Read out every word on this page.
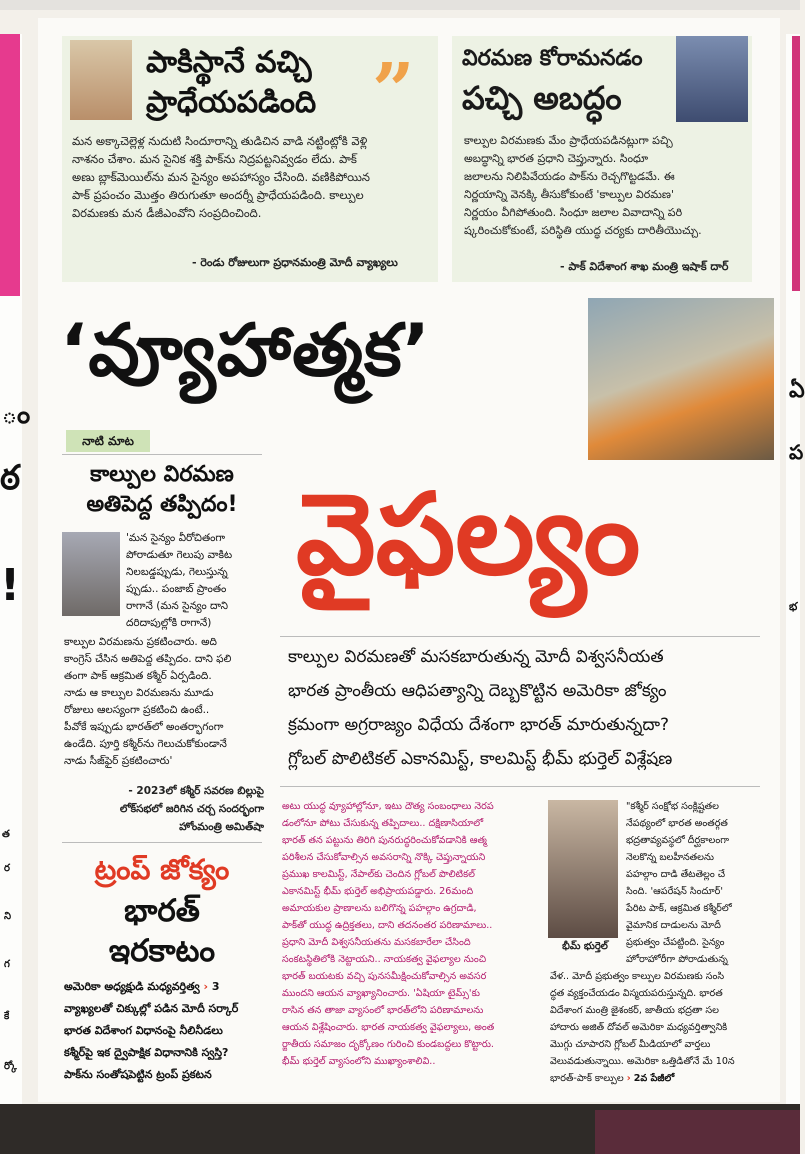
ం
ఠ
!
త
ర
ని
గ
కే
ర్కో
ఏ
ప
భ
పాకిస్థానే వచ్చి
ప్రాధేయపడింది ”
మన అక్కాచెల్లెళ్ల నుదుటి సిందూరాన్ని తుడిచిన వాడి నట్టింట్లోకి వెళ్లి
నాశనం చేశాం. మన సైనిక శక్తి పాక్‌ను నిద్రపట్టనివ్వడం లేదు. పాక్
అణు బ్లాక్‌మెయిల్‌ను మన సైన్యం అపహాస్యం చేసింది. వణికిపోయిన
పాక్ ప్రపంచం మొత్తం తిరుగుతూ అందర్నీ ప్రాధేయపడింది. కాల్పుల
విరమణకు మన డీజీఎంవోని సంప్రదించింది.
- రెండు రోజులుగా ప్రధానమంత్రి మోదీ వ్యాఖ్యలు
విరమణ కోరామనడం
పచ్చి అబద్ధం
కాల్పుల విరమణకు మేం ప్రాధేయపడినట్లుగా పచ్చి
అబద్ధాన్ని భారత ప్రధాని చెప్తున్నారు. సింధూ
జలాలను నిలిపివేయడం పాక్‌ను రెచ్చగొట్టడమే. ఈ
నిర్ణయాన్ని వెనక్కి తీసుకోకుంటే 'కాల్పుల విరమణ'
నిర్ణయం వీగిపోతుంది. సింధూ జలాల వివాదాన్ని పరి
ష్కరించుకోకుంటే, పరిస్థితి యుద్ధ చర్యకు దారితీయొచ్చు.
- పాక్ విదేశాంగ శాఖ మంత్రి ఇషాక్ దార్
‘వ్యూహాత్మక’
వైఫల్యం
నాటి మాట
కాల్పుల విరమణ
అతిపెద్ద తప్పిదం!
'మన సైన్యం వీరోచితంగా
పోరాడుతూ గెలుపు వాకిట
నిలబడ్డప్పుడు, గెలుస్తున్న
ప్పుడు.. పంజాబ్ ప్రాంతం
రాగానే (మన సైన్యం దాని
దరిదాపుల్లోకి రాగానే)
కాల్పుల విరమణను ప్రకటించారు. అది
కాంగ్రెస్ చేసిన అతిపెద్ద తప్పిదం. దాని ఫలి
తంగా పాక్ ఆక్రమిత కశ్మీర్ ఏర్పడింది.
నాడు ఆ కాల్పుల విరమణను మూడు
రోజులు ఆలస్యంగా ప్రకటించి ఉంటే..
పీవోకే ఇప్పుడు భారత్‌లో అంతర్భాగంగా
ఉండేది. పూర్తి కశ్మీర్‌ను గెలుచుకోకుండానే
నాడు సీజ్‌ఫైర్ ప్రకటించారు'
- 2023లో కశ్మీర్ సవరణ బిల్లుపై
లోక్‌సభలో జరిగిన చర్చ సందర్భంగా
హోంమంత్రి అమిత్‌షా
ట్రంప్ జోక్యం
భారత్
ఇరకాటం
అమెరికా అధ్యక్షుడి మధ్యవర్తిత్వ › 3
వ్యాఖ్యలతో చిక్కుల్లో పడిన మోదీ సర్కార్
భారత విదేశాంగ విధానంపై నీలినీడలు
కశ్మీర్‌పై ఇక ద్వైపాక్షిక విధానానికి స్వస్తి?
పాక్‌ను సంతోషపెట్టిన ట్రంప్ ప్రకటన
కాల్పుల విరమణతో మసకబారుతున్న మోదీ విశ్వసనీయత
భారత ప్రాంతీయ ఆధిపత్యాన్ని దెబ్బకొట్టిన అమెరికా జోక్యం
క్రమంగా అగ్రరాజ్యం విధేయ దేశంగా భారత్ మారుతున్నదా?
గ్లోబల్ పొలిటికల్ ఎకానమిస్ట్, కాలమిస్ట్ భీమ్ భుర్తెల్ విశ్లేషణ
అటు యుద్ధ వ్యూహాల్లోనూ, ఇటు దౌత్య సంబంధాలు నెరప
డంలోనూ పోటు చేసుకున్న తప్పిదాలు.. దక్షిణాసియాలో
భారత్ తన పట్టును తిరిగి పునరుద్ధరించుకోవడానికి ఆత్మ
పరిశీలన చేసుకోవాల్సిన అవసరాన్ని నొక్కి చెప్తున్నాయని
ప్రముఖ కాలమిస్ట్, నేపాల్‌కు చెందిన గ్లోబల్ పొలిటికల్
ఎకానమిస్ట్ భీమ్ భుర్తెల్ అభిప్రాయపడ్డారు. 26మంది
అమాయకుల ప్రాణాలను బలిగొన్న పహల్గాం ఉగ్రదాడి,
పాక్‌తో యుద్ధ ఉద్రిక్తతలు, దాని తదనంతర పరిణామాలు..
ప్రధాని మోదీ విశ్వసనీయతను మసకబారేలా చేసింది
సంకటస్థితిలోకి నెట్టాయని.. నాయకత్వ వైఫల్యాల నుంచి
భారత్ బయటకు వచ్చి పునసమీక్షించుకోవాల్సిన అవసర
ముందని ఆయన వ్యాఖ్యానించారు. 'ఏషియా టైమ్స్'కు
రాసిన తన తాజా వ్యాసంలో భారత్‌లోని పరిణామాలను
ఆయన విశ్లేషించారు. భారత నాయకత్వ వైఫల్యాలు, అంత
ర్జాతీయ సమాజం దృక్కోణం గురించి కుండబద్దలు కొట్టారు.
భీమ్ భుర్తెల్ వ్యాసంలోని ముఖ్యాంశాలివి..
భీమ్ భుర్తెల్
"కశ్మీర్ సంక్షోభ సంక్లిష్టతల
నేపథ్యంలో భారత అంతర్గత
భద్రతావ్యవస్థలో దీర్ఘకాలంగా
నెలకొన్న బలహీనతలను
పహల్గాం దాడి తేటతెల్లం చే
సింది. 'ఆపరేషన్ సిందూర్'
పేరిట పాక్, ఆక్రమిత కశ్మీర్‌లో
వైమానిక దాడులను మోదీ
ప్రభుత్వం చేపట్టింది. సైన్యం
హోరాహోరీగా పోరాడుతున్న
వేళ.. మోదీ ప్రభుత్వం కాల్పుల విరమణకు సంసి
ద్ధత వ్యక్తంచేయడం విస్మయపరుస్తున్నది. భారత
విదేశాంగ మంత్రి జైశంకర్, జాతీయ భద్రతా సల
హాదారు అజిత్ దోవల్ అమెరికా మధ్యవర్తిత్వానికి
మొగ్గు చూపారని గ్లోబల్ మీడియాలో వార్తలు
వెలువడుతున్నాయి. అమెరికా ఒత్తిడితోనే మే 10న
భారత్-పాక్ కాల్పుల › 2వ పేజీలో
